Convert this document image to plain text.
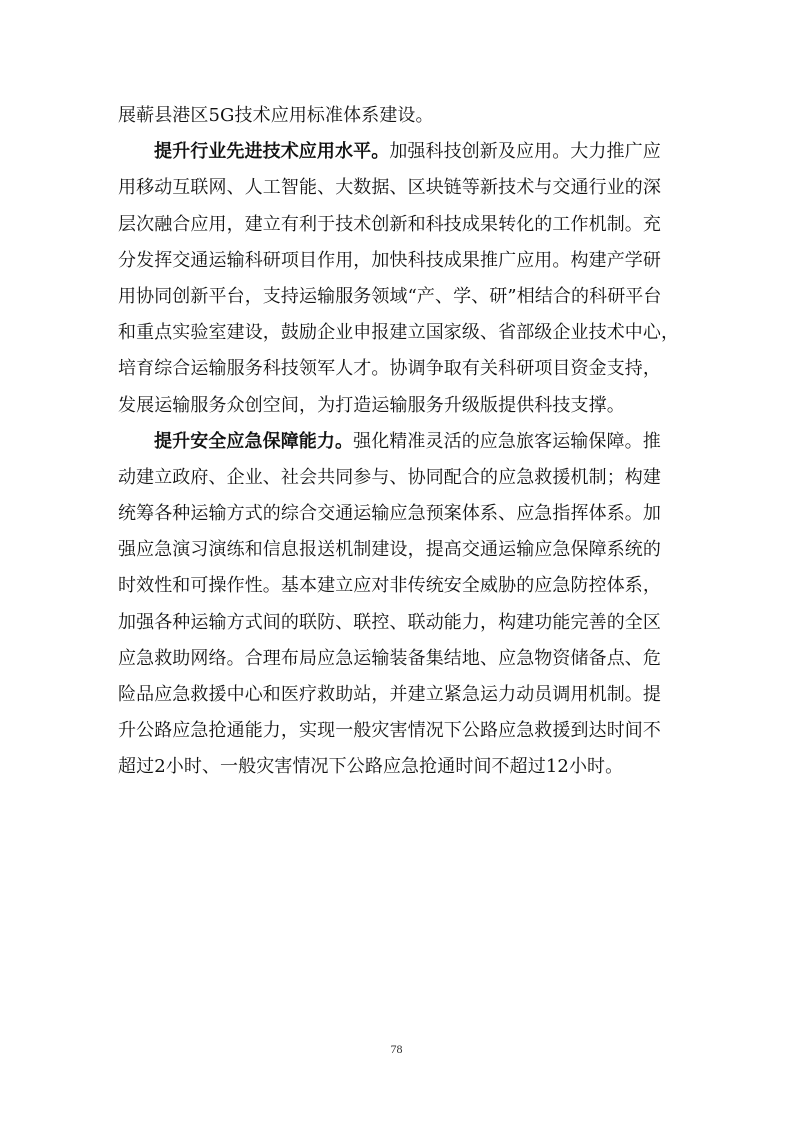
展蕲县港区5G技术应用标准体系建设。
提升行业先进技术应用水平。加强科技创新及应用。大力推广应
用移动互联网、人工智能、大数据、区块链等新技术与交通行业的深
层次融合应用，建立有利于技术创新和科技成果转化的工作机制。充
分发挥交通运输科研项目作用，加快科技成果推广应用。构建产学研
用协同创新平台，支持运输服务领域“产、学、研”相结合的科研平台
和重点实验室建设，鼓励企业申报建立国家级、省部级企业技术中心，
培育综合运输服务科技领军人才。协调争取有关科研项目资金支持，
发展运输服务众创空间，为打造运输服务升级版提供科技支撑。
提升安全应急保障能力。强化精准灵活的应急旅客运输保障。推
动建立政府、企业、社会共同参与、协同配合的应急救援机制；构建
统筹各种运输方式的综合交通运输应急预案体系、应急指挥体系。加
强应急演习演练和信息报送机制建设，提高交通运输应急保障系统的
时效性和可操作性。基本建立应对非传统安全威胁的应急防控体系，
加强各种运输方式间的联防、联控、联动能力，构建功能完善的全区
应急救助网络。合理布局应急运输装备集结地、应急物资储备点、危
险品应急救援中心和医疗救助站，并建立紧急运力动员调用机制。提
升公路应急抢通能力，实现一般灾害情况下公路应急救援到达时间不
超过2小时、一般灾害情况下公路应急抢通时间不超过12小时。
78
